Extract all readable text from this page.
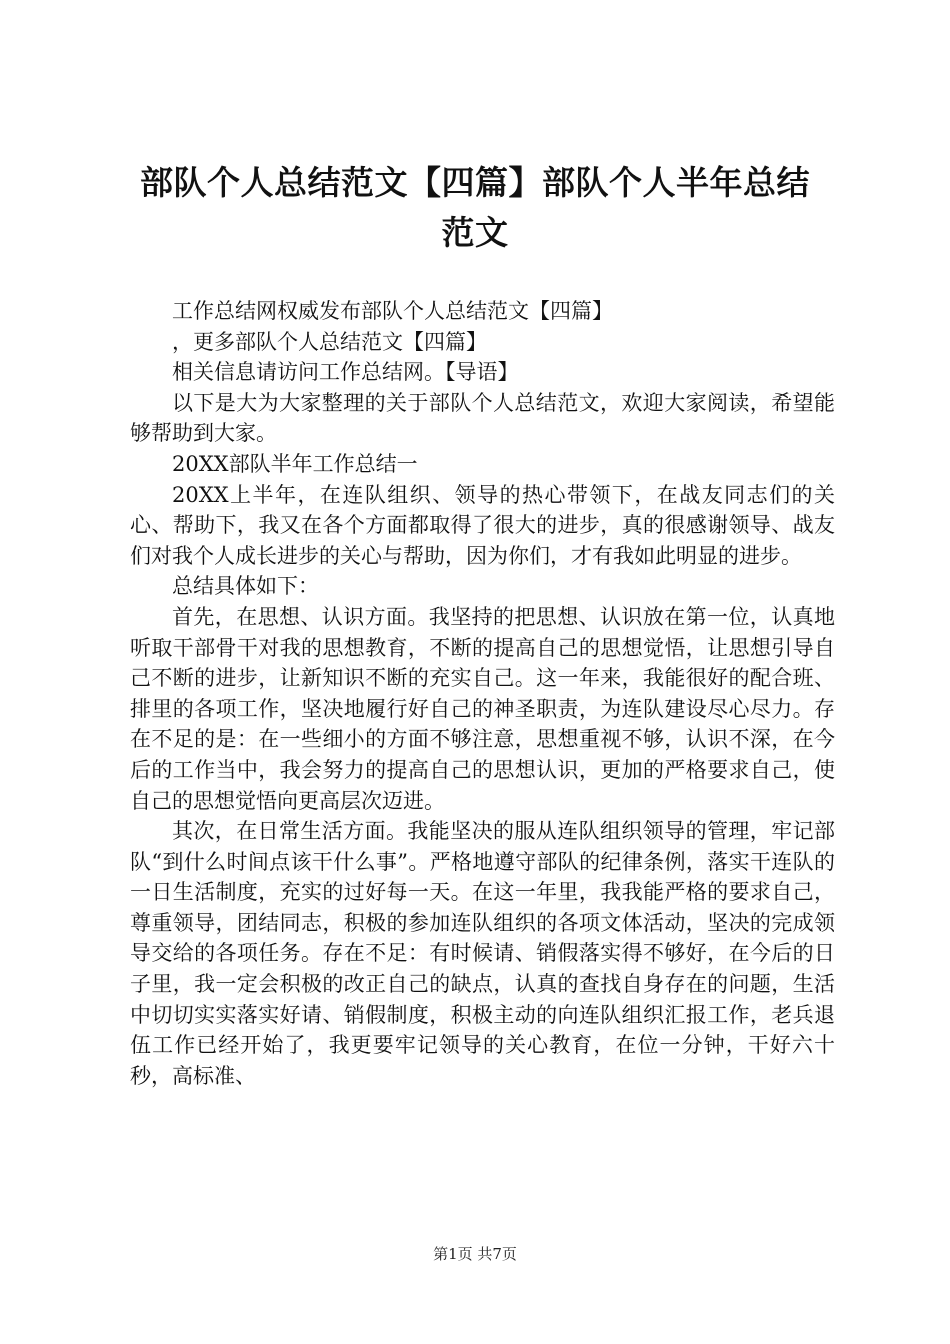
部队个人总结范文【四篇】部队个人半年总结
范文

工作总结网权威发布部队个人总结范文【四篇】

，更多部队个人总结范文【四篇】

相关信息请访问工作总结网。【导语】

以下是大为大家整理的关于部队个人总结范文，欢迎大家阅读，希望能够帮助到大家。

20XX部队半年工作总结一

20XX上半年，在连队组织、领导的热心带领下，在战友同志们的关心、帮助下，我又在各个方面都取得了很大的进步，真的很感谢领导、战友们对我个人成长进步的关心与帮助，因为你们，才有我如此明显的进步。

总结具体如下：

首先，在思想、认识方面。我坚持的把思想、认识放在第一位，认真地听取干部骨干对我的思想教育，不断的提高自己的思想觉悟，让思想引导自己不断的进步，让新知识不断的充实自己。这一年来，我能很好的配合班、排里的各项工作，坚决地履行好自己的神圣职责，为连队建设尽心尽力。存在不足的是：在一些细小的方面不够注意，思想重视不够，认识不深，在今后的工作当中，我会努力的提高自己的思想认识，更加的严格要求自己，使自己的思想觉悟向更高层次迈进。

其次，在日常生活方面。我能坚决的服从连队组织领导的管理，牢记部队“到什么时间点该干什么事”。严格地遵守部队的纪律条例，落实干连队的一日生活制度，充实的过好每一天。在这一年里，我我能严格的要求自己，尊重领导，团结同志，积极的参加连队组织的各项文体活动，坚决的完成领导交给的各项任务。存在不足：有时候请、销假落实得不够好，在今后的日子里，我一定会积极的改正自己的缺点，认真的查找自身存在的问题，生活中切切实实落实好请、销假制度，积极主动的向连队组织汇报工作，老兵退伍工作已经开始了，我更要牢记领导的关心教育，在位一分钟，干好六十秒，高标准、

第1页 共7页
